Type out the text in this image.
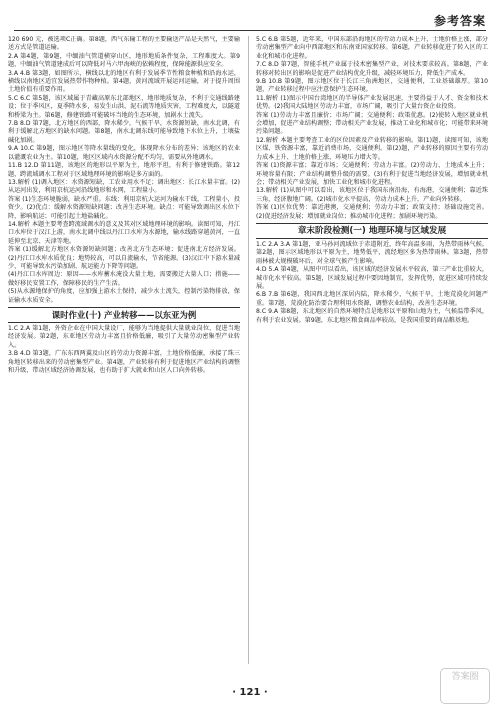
参考答案

120 690 元，被选项C正确。第8题，西气东输工程的主要输送产品是天然气，主要输送方式是管道运输。

2.A 第4题，第9题，中缅油气管道横穿山区，地形地质条件复杂，工程难度大。第9题，中缅油气管道建成后可以降低对马六甲海峡的依赖程度，保障能源供应安全。

3.A 4.B 第3题，如图所示，横线以北的地区有利于发展季节性粮食种植和沿海水运，横线以南地区适宜发展热带作物种植。第4题，黄河流域开展运河运输，对于提升周围土地价值有重要作用。

5.C 6.C 第5题，该区域属于青藏高原东北部地区，地形地质复杂，不利于交通线路建设；位于季风区，夏季降水多，易发生山洪、泥石流等地质灾害，工程难度大，以隧道和桥梁为主。第6题，修建铁路可能破坏当地的生态环境，加剧水土流失。

7.B 8.D 第7题，北方地区的西部，降水稀少，气候干旱，水资源短缺，南水北调，有利于缓解北方地区的缺水问题。第8题，南水北调东线可能导致地下水位上升，土壤盐碱化加剧。

9.A 10.C 第9题，图示地区等降水量线的变化，体现降水分布的差异；该地区的农业以灌溉农业为主。第10题，地区区域内水资源分配不均匀，需要从外地调水。

11.B 12.D 第11题，该地区的地形以平原为主，地形平坦，有利于修建铁路。第12题，跨流域调水工程对于区域地理环境的影响是多方面的。

13.解析 (1)调入地区：水资源短缺，工农业用水不足；调出地区：长江水量丰富。(2)从运河出发，利用京杭运河沿线地形和水网，工程量小。

答案 (1)生态环境脆弱，缺水严重。东线：利用京杭大运河为输水干线，工程量小，投资少。(2)优点：缓解水资源短缺问题；改善生态环境。缺点：可能导致调出区水位下降，影响航运；可能引起土地盐碱化。

14.解析 本题主要考查跨流域调水的意义及其对区域地理环境的影响。读图可知，丹江口水库位于汉江上游，南水北调中线以丹江口水库为水源地，输水线路穿越黄河，一直延伸至北京、天津等地。

答案 (1)缓解北方地区水资源短缺问题；改善北方生态环境；促进南北方经济发展。(2)丹江口水库水质优良；地势较高，可以自流输水，节省能源。(3)汉江中下游水量减少，可能导致水污染加剧、航运能力下降等问题。

(4)丹江口水库周边：原因——水库蓄水淹没大量土地，需要搬迁大量人口；措施——做好移民安置工作，保障移民的生产生活。

(5)从水源地保护的角度，应加强上游水土保持，减少水土流失，控制污染物排放，保证输水水质安全。

课时作业(十) 产业转移——以东亚为例

1.C 2.A 第1题，外资企业在中国大量设厂，能够为当地提供大量就业岗位，促进当地经济发展。第2题，东亚地区劳动力丰富且价格低廉，吸引了大量劳动密集型产业转入。

3.B 4.D 第3题，广东东西两翼及山区的劳动力资源丰富，土地价格低廉，承接了珠三角地区转移出来的劳动密集型产业。第4题，产业转移有利于促进地区产业结构的调整和升级，带动区域经济协调发展，也有助于扩大就业和山区人口向外转移。

5.C 6.B 第5题，近年来，中国东部沿海地区的劳动力成本上升，土地价格上涨，部分劳动密集型产业向中西部地区和东南亚国家转移。第6题，产业转移促进了转入区的工业化和城市化进程。

7.C 8.D 第7题，智能手机产业属于技术密集型产业，对技术要求较高。第8题，产业转移对转出区的影响是促进产业结构优化升级，减轻环境压力，降低生产成本。

9.B 10.B 第9题，图示地区位于长江三角洲地区，交通便利，工业基础雄厚。第10题，产业转移过程中应注意保护生态环境。

11.解析 (1)图示中国台湾地区的半导体产业发展迅速，主要得益于人才、资金和技术优势。(2)我国大陆地区劳动力丰富，市场广阔，吸引了大量台资企业投资。

答案 (1)劳动力丰富且廉价；市场广阔；交通便利；政策优惠。(2)使转入地区就业机会增加，促进产业结构调整；带动相关产业发展，推动工业化和城市化；可能带来环境污染问题。

12.解析 本题主要考查工业的区位因素及产业转移的影响。第(1)题，读图可知，该地区煤、铁资源丰富，靠近消费市场，交通便利。第(2)题，产业转移的原因主要有劳动力成本上升、土地价格上涨、环境压力增大等。

答案 (1)资源丰富；靠近市场；交通便利；劳动力丰富。(2)劳动力、土地成本上升；环境容量有限；产业结构调整升级的需要。(3)有利于促进当地经济发展，增加就业机会；带动相关产业发展，加快工业化和城市化进程。

13.解析 (1)从图中可以看出，该地区位于我国东南沿海，有海港，交通便利；靠近珠三角，经济腹地广阔。(2)城市化水平提高，劳动力成本上升，产业向外转移。

答案 (1)区位优势：靠近港澳，交通便利；劳动力丰富；政策支持；基础设施完善。(2)促进经济发展；增加就业岗位；推动城市化进程；加剧环境污染。

章末阶段检测(一) 地理环境与区域发展

1.C 2.A 3.A 第1题，亚马孙河流域位于赤道附近，终年高温多雨，为热带雨林气候。第2题，图示区域地形以平原为主，地势低平，流经地区多为热带雨林。第3题，热带雨林被大规模破坏后，对全球气候产生影响。

4.D 5.A 第4题，从图中可以看出，该区域的经济发展水平较高，第三产业比重较大，城市化水平较高。第5题，区域发展过程中要因地制宜，发挥优势，促进区域可持续发展。

6.B 7.B 第6题，我国西北地区深居内陆，降水稀少，气候干旱，土地荒漠化问题严重。第7题，荒漠化防治要合理利用水资源，调整农业结构，改善生态环境。

8.C 9.A 第8题，东北地区的自然环境特点是地形以平原和山地为主，气候温带季风，有利于农业发展。第9题，东北地区粮食商品率较高，是我国重要的商品粮基地。

· 121 ·
答案圈
